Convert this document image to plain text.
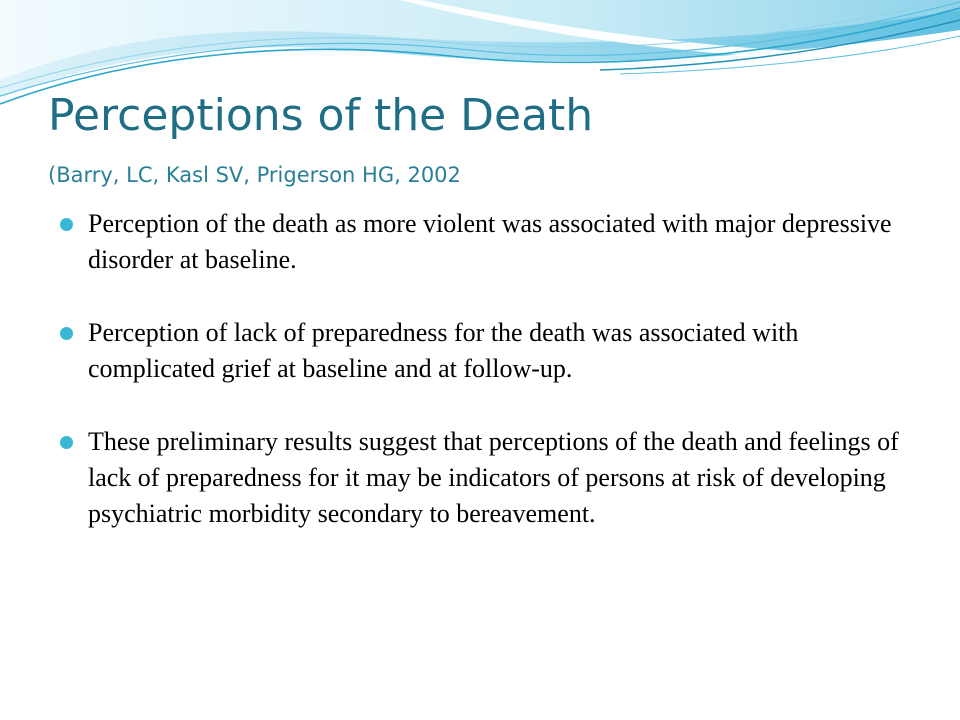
Perceptions of the Death
(Barry, LC, Kasl SV, Prigerson HG, 2002
Perception of the death as more violent was associated with major depressive disorder at baseline.
Perception of lack of preparedness for the death was associated with complicated grief at baseline and at follow-up.
These preliminary results suggest that perceptions of the death and feelings of lack of preparedness for it may be indicators of persons at risk of developing psychiatric morbidity secondary to bereavement.
